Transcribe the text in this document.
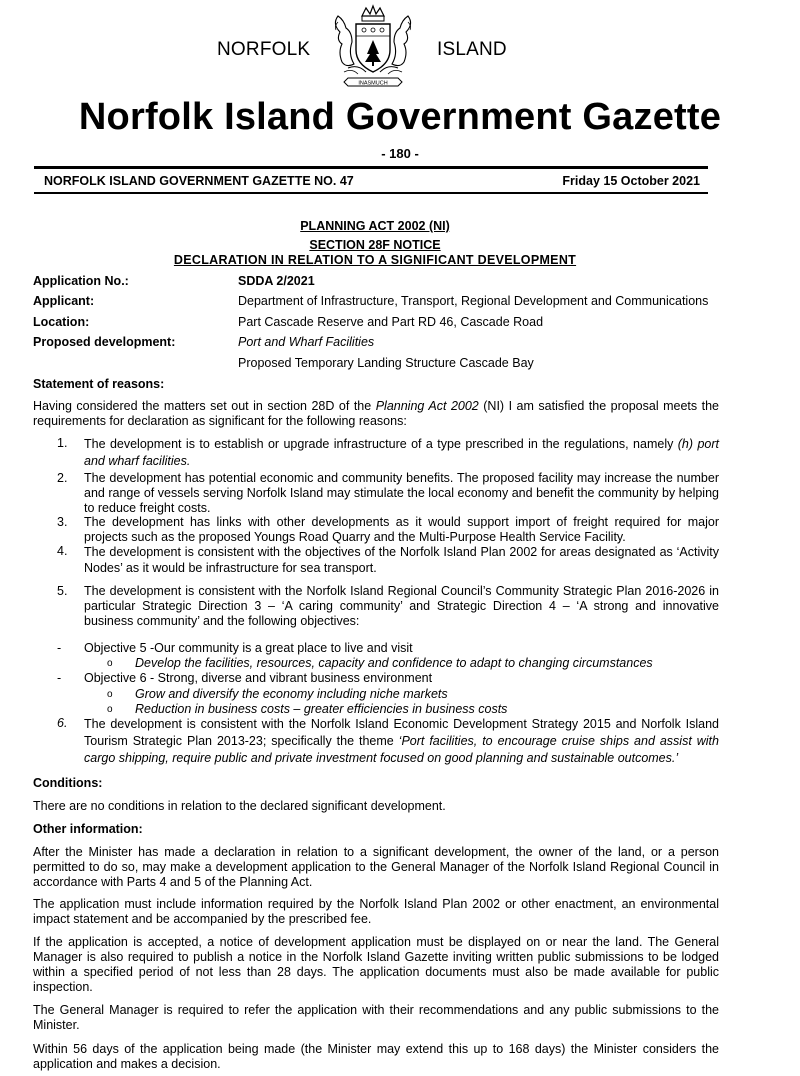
NORFOLK	ISLAND
INASMUCH
Norfolk Island Government Gazette
- 180 -
NORFOLK ISLAND GOVERNMENT GAZETTE NO. 47	Friday 15 October 2021
PLANNING ACT 2002 (NI)
SECTION 28F NOTICE
DECLARATION IN RELATION TO A SIGNIFICANT DEVELOPMENT
Application No.:	SDDA 2/2021
Applicant:	Department of Infrastructure, Transport, Regional Development and Communications
Location:	Part Cascade Reserve and Part RD 46, Cascade Road
Proposed development:	Port and Wharf Facilities
Proposed Temporary Landing Structure Cascade Bay
Statement of reasons:
Having considered the matters set out in section 28D of the Planning Act 2002 (NI) I am satisfied the proposal meets the requirements for declaration as significant for the following reasons:
1. The development is to establish or upgrade infrastructure of a type prescribed in the regulations, namely (h) port and wharf facilities.
2. The development has potential economic and community benefits. The proposed facility may increase the number and range of vessels serving Norfolk Island may stimulate the local economy and benefit the community by helping to reduce freight costs.
3. The development has links with other developments as it would support import of freight required for major projects such as the proposed Youngs Road Quarry and the Multi-Purpose Health Service Facility.
4. The development is consistent with the objectives of the Norfolk Island Plan 2002 for areas designated as ‘Activity Nodes’ as it would be infrastructure for sea transport.
5. The development is consistent with the Norfolk Island Regional Council’s Community Strategic Plan 2016-2026 in particular Strategic Direction 3 – ‘A caring community’ and Strategic Direction 4 – ‘A strong and innovative business community’ and the following objectives:
- Objective 5 -Our community is a great place to live and visit
o Develop the facilities, resources, capacity and confidence to adapt to changing circumstances
- Objective 6 - Strong, diverse and vibrant business environment
o Grow and diversify the economy including niche markets
o Reduction in business costs – greater efficiencies in business costs
6. The development is consistent with the Norfolk Island Economic Development Strategy 2015 and Norfolk Island Tourism Strategic Plan 2013-23; specifically the theme ‘Port facilities, to encourage cruise ships and assist with cargo shipping, require public and private investment focused on good planning and sustainable outcomes.’
Conditions:
There are no conditions in relation to the declared significant development.
Other information:
After the Minister has made a declaration in relation to a significant development, the owner of the land, or a person permitted to do so, may make a development application to the General Manager of the Norfolk Island Regional Council in accordance with Parts 4 and 5 of the Planning Act.
The application must include information required by the Norfolk Island Plan 2002 or other enactment, an environmental impact statement and be accompanied by the prescribed fee.
If the application is accepted, a notice of development application must be displayed on or near the land. The General Manager is also required to publish a notice in the Norfolk Island Gazette inviting written public submissions to be lodged within a specified period of not less than 28 days. The application documents must also be made available for public inspection.
The General Manager is required to refer the application with their recommendations and any public submissions to the Minister.
Within 56 days of the application being made (the Minister may extend this up to 168 days) the Minister considers the application and makes a decision.
